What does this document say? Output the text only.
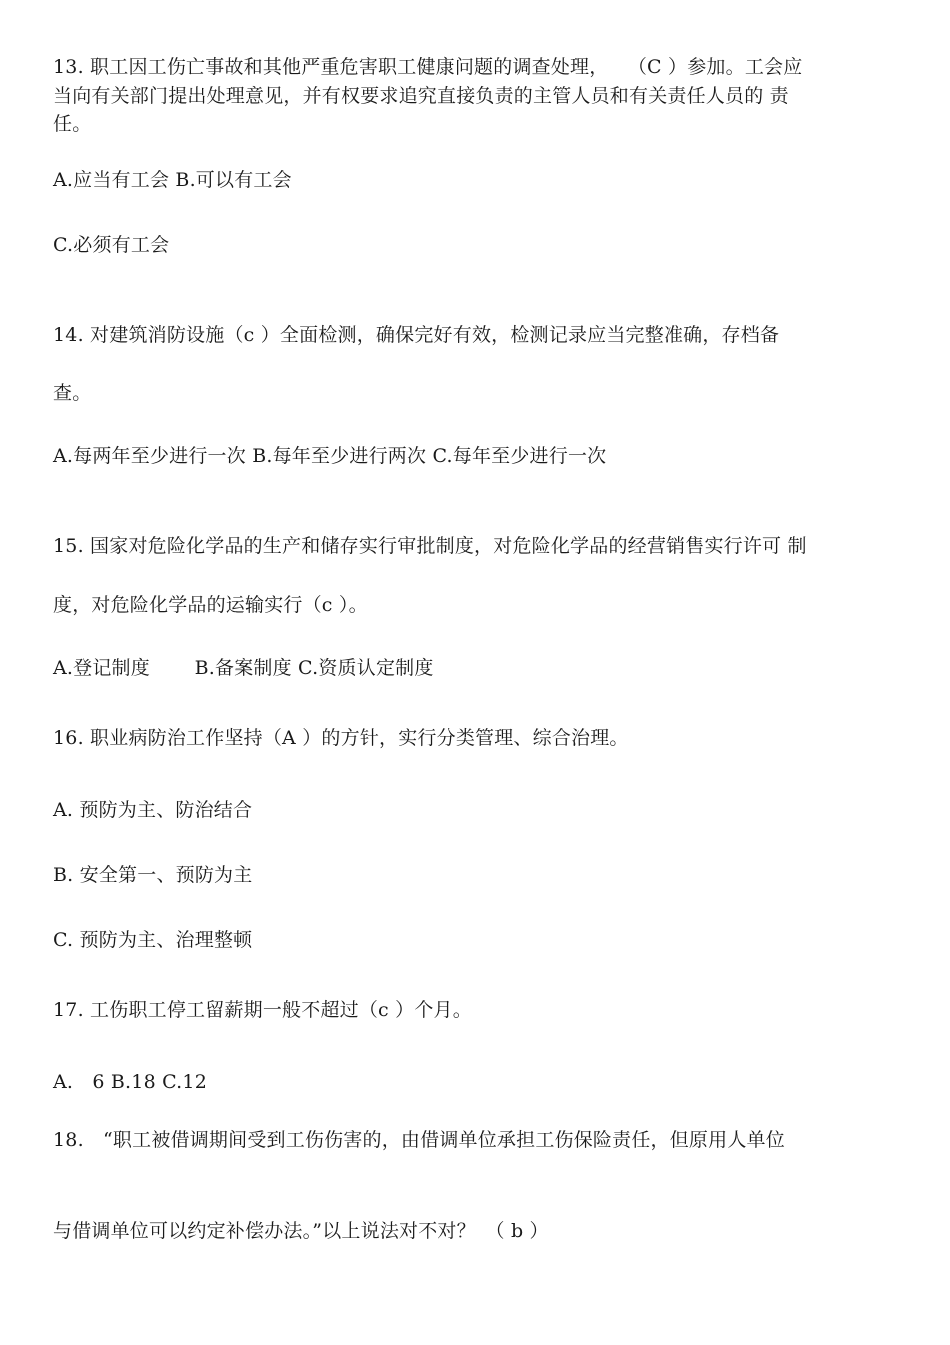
13. 职工因工伤亡事故和其他严重危害职工健康问题的调查处理，　　（C ）参加。工会应
当向有关部门提出处理意见，并有权要求追究直接负责的主管人员和有关责任人员的 责
任。
A.应当有工会 B.可以有工会
C.必须有工会
14. 对建筑消防设施（c ）全面检测，确保完好有效，检测记录应当完整准确，存档备
查。
A.每两年至少进行一次 B.每年至少进行两次 C.每年至少进行一次
15. 国家对危险化学品的生产和储存实行审批制度，对危险化学品的经营销售实行许可 制
度，对危险化学品的运输实行（c ）。
A.登记制度　　 B.备案制度 C.资质认定制度
16. 职业病防治工作坚持（A ）的方针，实行分类管理、综合治理。
A. 预防为主、防治结合
B. 安全第一、预防为主
C. 预防为主、治理整顿
17. 工伤职工停工留薪期一般不超过（c ）个月。
A.　6 B.18 C.12
18.　“职工被借调期间受到工伤伤害的，由借调单位承担工伤保险责任，但原用人单位
与借调单位可以约定补偿办法。”以上说法对不对？　（ b ）
